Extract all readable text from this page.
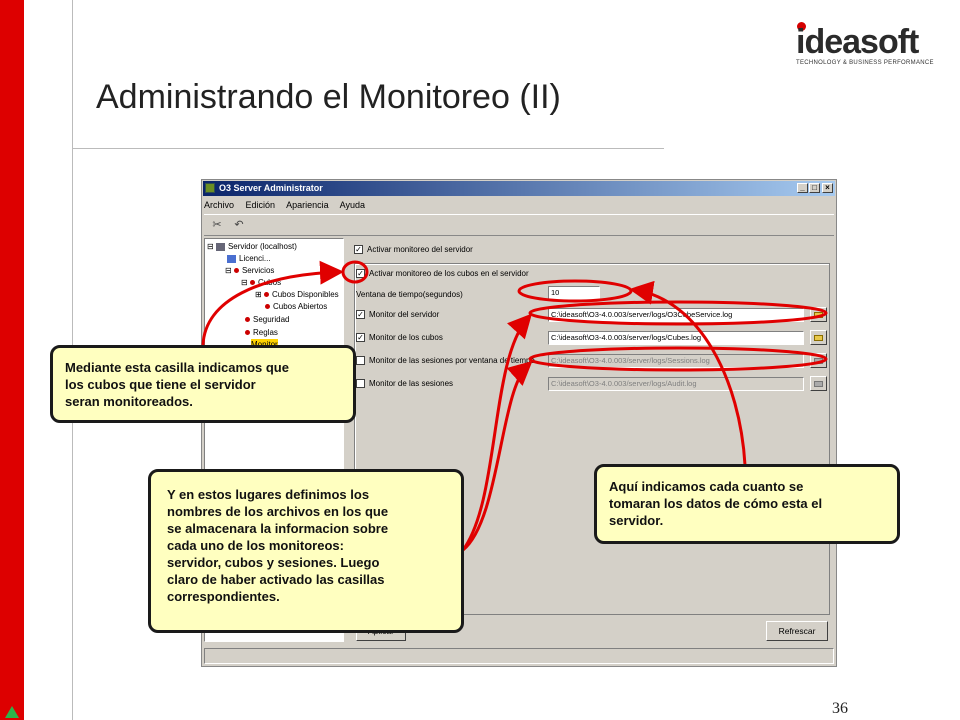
Administrando el Monitoreo (II)
ideasoft
TECHNOLOGY & BUSINESS PERFORMANCE
36
O3 Server Administrator	_ □	×
Archivo Edición Apariencia Ayuda
✂ ↶
⊟ Servidor (localhost)
Licenci...
⊟ Servicios
⊟ Cubos
⊞ Cubos Disponibles
Cubos Abiertos
Seguridad
Reglas
✓ Activar monitoreo del servidor
✓ Activar monitoreo de los cubos en el servidor
Ventana de tiempo(segundos)	10
✓ Monitor del servidor	C:\ideasoft\O3-4.0.003/server/logs/O3CubeService.log
✓ Monitor de los cubos	C:\ideasoft\O3-4.0.003/server/logs/Cubes.log
Monitor de las sesiones por ventana de tiempo	C:\ideasoft\O3-4.0.003/server/logs/Sessions.log
Monitor de las sesiones	C:\ideasoft\O3-4.0.003/server/logs/Audit.log
Refrescar
Mediante esta casilla indicamos que
los cubos que tiene el servidor
seran monitoreados.
Y en estos lugares definimos los
nombres de los archivos en los que
se almacenara la informacion sobre
cada uno de los monitoreos:
servidor, cubos y sesiones. Luego
claro de haber activado las casillas
correspondientes.
Aquí indicamos cada cuanto se
tomaran los datos de cómo esta el
servidor.
